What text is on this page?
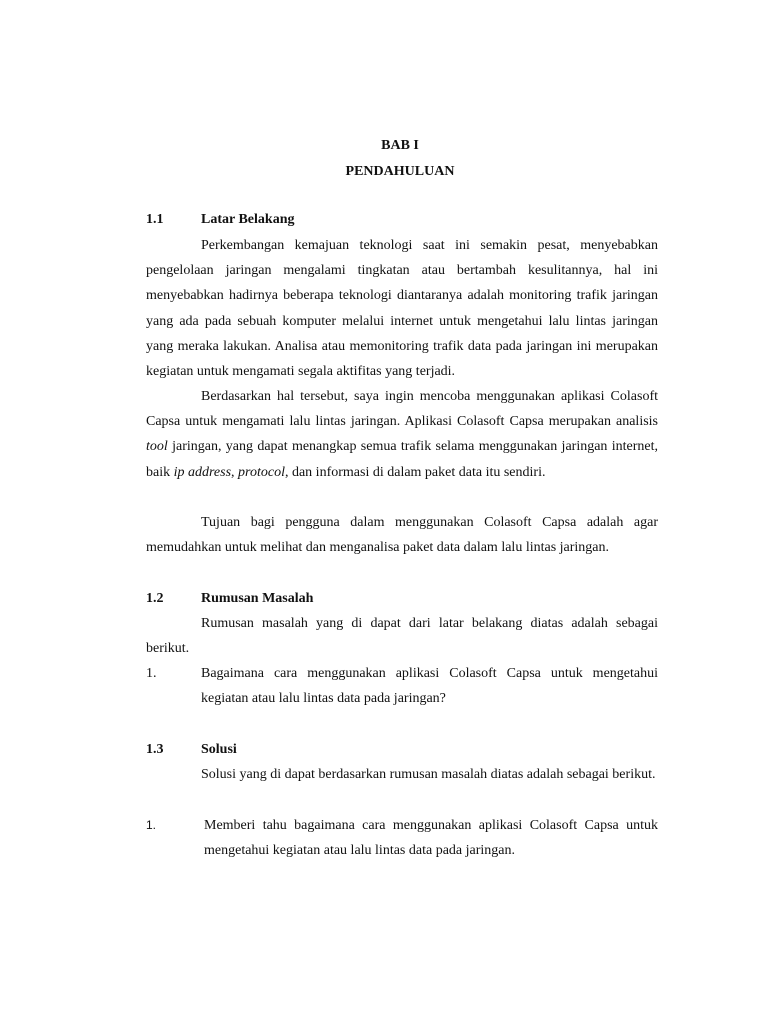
BAB I
PENDAHULUAN
1.1	Latar Belakang

Perkembangan kemajuan teknologi saat ini semakin pesat, menyebabkan pengelolaan jaringan mengalami tingkatan atau bertambah kesulitannya, hal ini menyebabkan hadirnya beberapa teknologi diantaranya adalah monitoring trafik jaringan yang ada pada sebuah komputer melalui internet untuk mengetahui lalu lintas jaringan yang meraka lakukan. Analisa atau memonitoring trafik data pada jaringan ini merupakan kegiatan untuk mengamati segala aktifitas yang terjadi.

Berdasarkan hal tersebut, saya ingin mencoba menggunakan aplikasi Colasoft Capsa untuk mengamati lalu lintas jaringan. Aplikasi Colasoft Capsa merupakan analisis tool jaringan, yang dapat menangkap semua trafik selama menggunakan jaringan internet, baik ip address, protocol, dan informasi di dalam paket data itu sendiri.

Tujuan bagi pengguna dalam menggunakan Colasoft Capsa adalah agar memudahkan untuk melihat dan menganalisa paket data dalam lalu lintas jaringan.

1.2	Rumusan Masalah

Rumusan masalah yang di dapat dari latar belakang diatas adalah sebagai berikut.

1.	Bagaimana cara menggunakan aplikasi Colasoft Capsa untuk mengetahui kegiatan atau lalu lintas data pada jaringan?
1.3	Solusi

Solusi yang di dapat berdasarkan rumusan masalah diatas adalah sebagai berikut.

1.	Memberi tahu bagaimana cara menggunakan aplikasi Colasoft Capsa untuk mengetahui kegiatan atau lalu lintas data pada jaringan.
